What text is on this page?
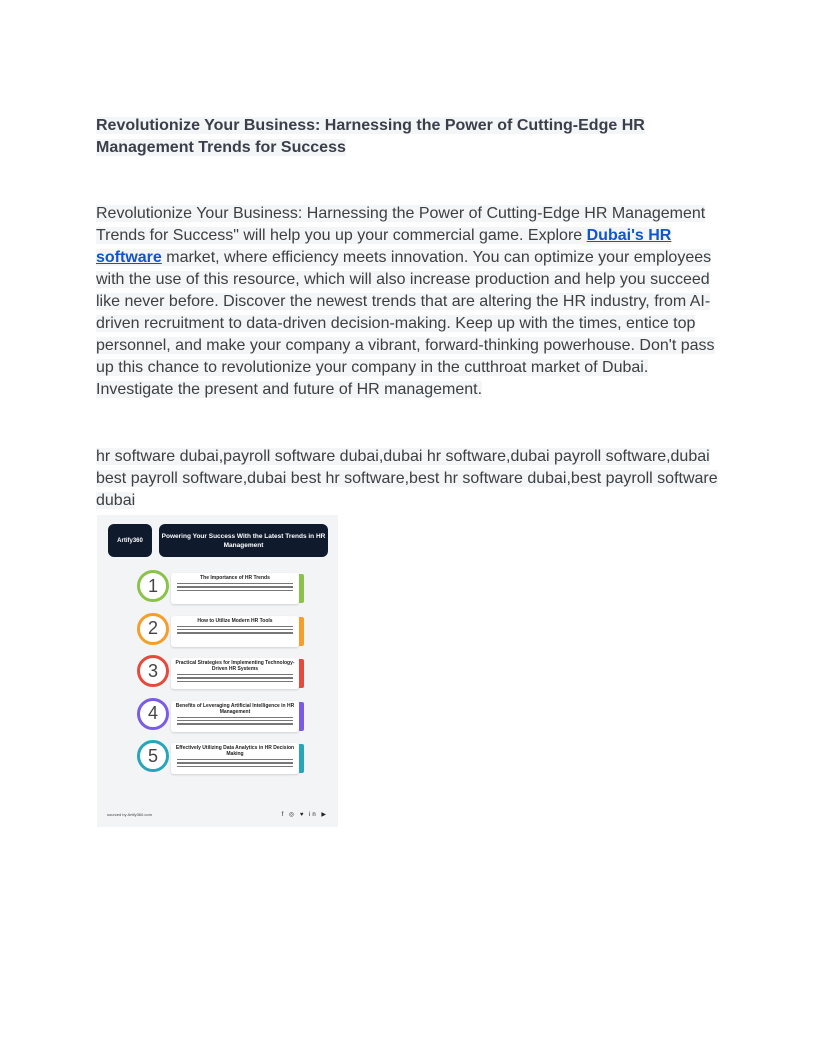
Revolutionize Your Business: Harnessing the Power of Cutting-Edge HR Management Trends for Success
Revolutionize Your Business: Harnessing the Power of Cutting-Edge HR Management Trends for Success" will help you up your commercial game. Explore Dubai's HR software market, where efficiency meets innovation. You can optimize your employees with the use of this resource, which will also increase production and help you succeed like never before. Discover the newest trends that are altering the HR industry, from AI-driven recruitment to data-driven decision-making. Keep up with the times, entice top personnel, and make your company a vibrant, forward-thinking powerhouse. Don't pass up this chance to revolutionize your company in the cutthroat market of Dubai. Investigate the present and future of HR management.
hr software dubai,payroll software dubai,dubai hr software,dubai payroll software,dubai best payroll software,dubai best hr software,best hr software dubai,best payroll software dubai
Artify360
Powering Your Success With the Latest Trends in HR Management
1	The Importance of HR Trends
2	How to Utilize Modern HR Tools
3	Practical Strategies for Implementing Technology-Driven HR Systems
4	Benefits of Leveraging Artificial Intelligence in HR Management
5	Effectively Utilizing Data Analytics in HR Decision Making
sourced by Artify360.com	f ◎ ♥ in ▶
